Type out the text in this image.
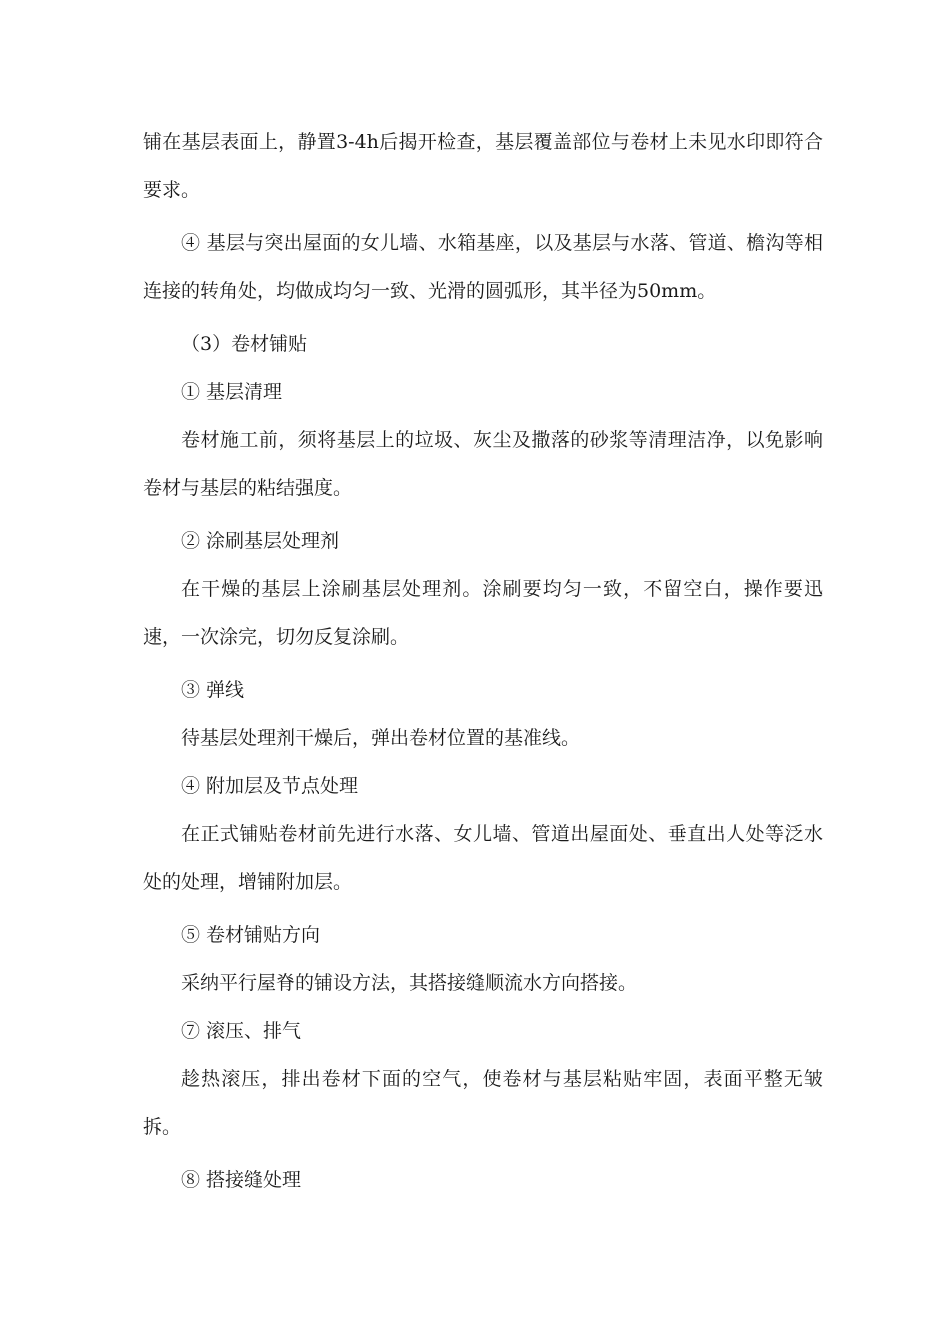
铺在基层表面上，静置3-4h后揭开检查，基层覆盖部位与卷材上未见水印即符合要求。

④ 基层与突出屋面的女儿墙、水箱基座，以及基层与水落、管道、檐沟等相连接的转角处，均做成均匀一致、光滑的圆弧形，其半径为50mm。

（3）卷材铺贴

① 基层清理

卷材施工前，须将基层上的垃圾、灰尘及撒落的砂浆等清理洁净，以免影响卷材与基层的粘结强度。

② 涂刷基层处理剂

在干燥的基层上涂刷基层处理剂。涂刷要均匀一致，不留空白，操作要迅速，一次涂完，切勿反复涂刷。

③ 弹线

待基层处理剂干燥后，弹出卷材位置的基准线。

④ 附加层及节点处理

在正式铺贴卷材前先进行水落、女儿墙、管道出屋面处、垂直出人处等泛水处的处理，增铺附加层。

⑤ 卷材铺贴方向

采纳平行屋脊的铺设方法，其搭接缝顺流水方向搭接。

⑦ 滚压、排气

趁热滚压，排出卷材下面的空气，使卷材与基层粘贴牢固，表面平整无皱拆。

⑧ 搭接缝处理
